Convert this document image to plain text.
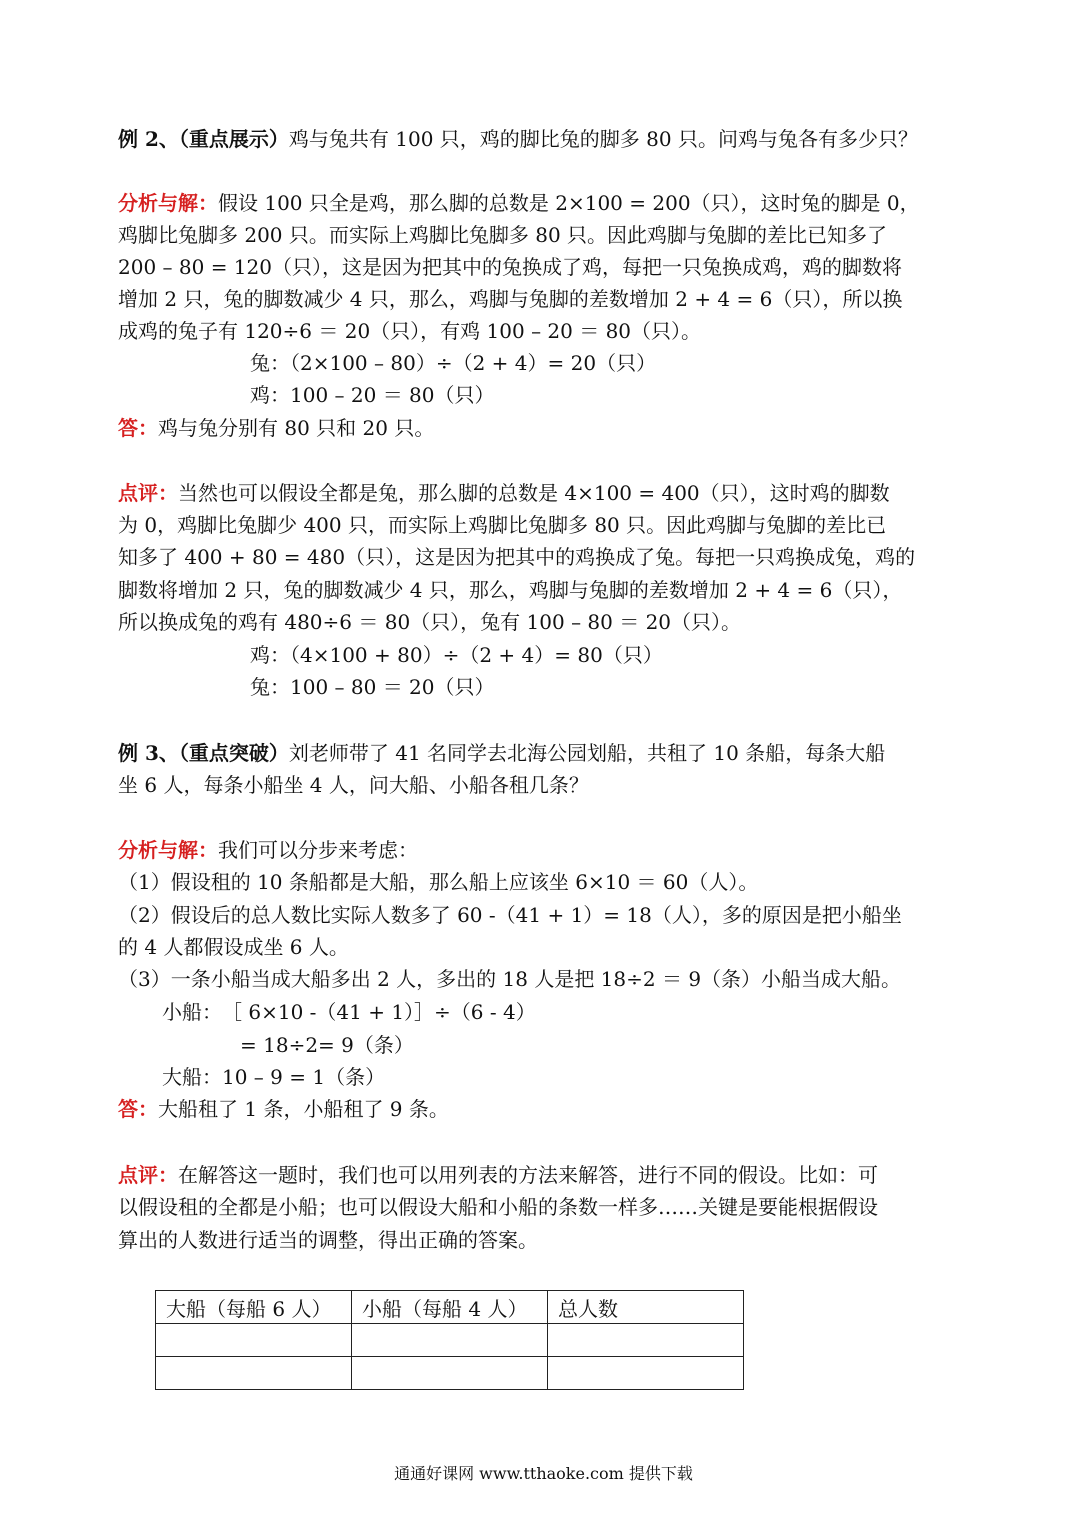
例 2、（重点展示）鸡与兔共有 100 只，鸡的脚比兔的脚多 80 只。问鸡与兔各有多少只？
分析与解：假设 100 只全是鸡，那么脚的总数是 2×100 = 200（只），这时兔的脚是 0，
鸡脚比兔脚多 200 只。而实际上鸡脚比兔脚多 80 只。因此鸡脚与兔脚的差比已知多了
200 – 80 = 120（只），这是因为把其中的兔换成了鸡，每把一只兔换成鸡，鸡的脚数将
增加 2 只，兔的脚数减少 4 只，那么，鸡脚与兔脚的差数增加 2 + 4 = 6（只），所以换
成鸡的兔子有 120÷6 ＝ 20（只），有鸡 100 – 20 ＝ 80（只）。
兔：（2×100 – 80）÷（2 + 4）= 20（只）
鸡：100 – 20 ＝ 80（只）
答：鸡与兔分别有 80 只和 20 只。
点评：当然也可以假设全都是兔，那么脚的总数是 4×100 = 400（只），这时鸡的脚数
为 0，鸡脚比兔脚少 400 只，而实际上鸡脚比兔脚多 80 只。因此鸡脚与兔脚的差比已
知多了 400 + 80 = 480（只），这是因为把其中的鸡换成了兔。每把一只鸡换成兔，鸡的
脚数将增加 2 只，兔的脚数减少 4 只，那么，鸡脚与兔脚的差数增加 2 + 4 = 6（只），
所以换成兔的鸡有 480÷6 ＝ 80（只），兔有 100 – 80 ＝ 20（只）。
鸡：（4×100 + 80）÷（2 + 4）= 80（只）
兔：100 – 80 ＝ 20（只）
例 3、（重点突破）刘老师带了 41 名同学去北海公园划船，共租了 10 条船，每条大船
坐 6 人，每条小船坐 4 人，问大船、小船各租几条？
分析与解：我们可以分步来考虑：
（1）假设租的 10 条船都是大船，那么船上应该坐 6×10 ＝ 60（人）。
（2）假设后的总人数比实际人数多了 60 -（41 + 1）= 18（人），多的原因是把小船坐
的 4 人都假设成坐 6 人。
（3）一条小船当成大船多出 2 人，多出的 18 人是把 18÷2 ＝ 9（条）小船当成大船。
小船：　［ 6×10 -（41 + 1）］÷（6 - 4）
= 18÷2= 9（条）
大船：10 – 9 = 1（条）
答：大船租了 1 条，小船租了 9 条。
点评：在解答这一题时，我们也可以用列表的方法来解答，进行不同的假设。比如：可
以假设租的全都是小船；也可以假设大船和小船的条数一样多……关键是要能根据假设
算出的人数进行适当的调整，得出正确的答案。
大船（每船 6 人）	小船（每船 4 人）	总人数

通通好课网 www.tthaoke.com 提供下载
